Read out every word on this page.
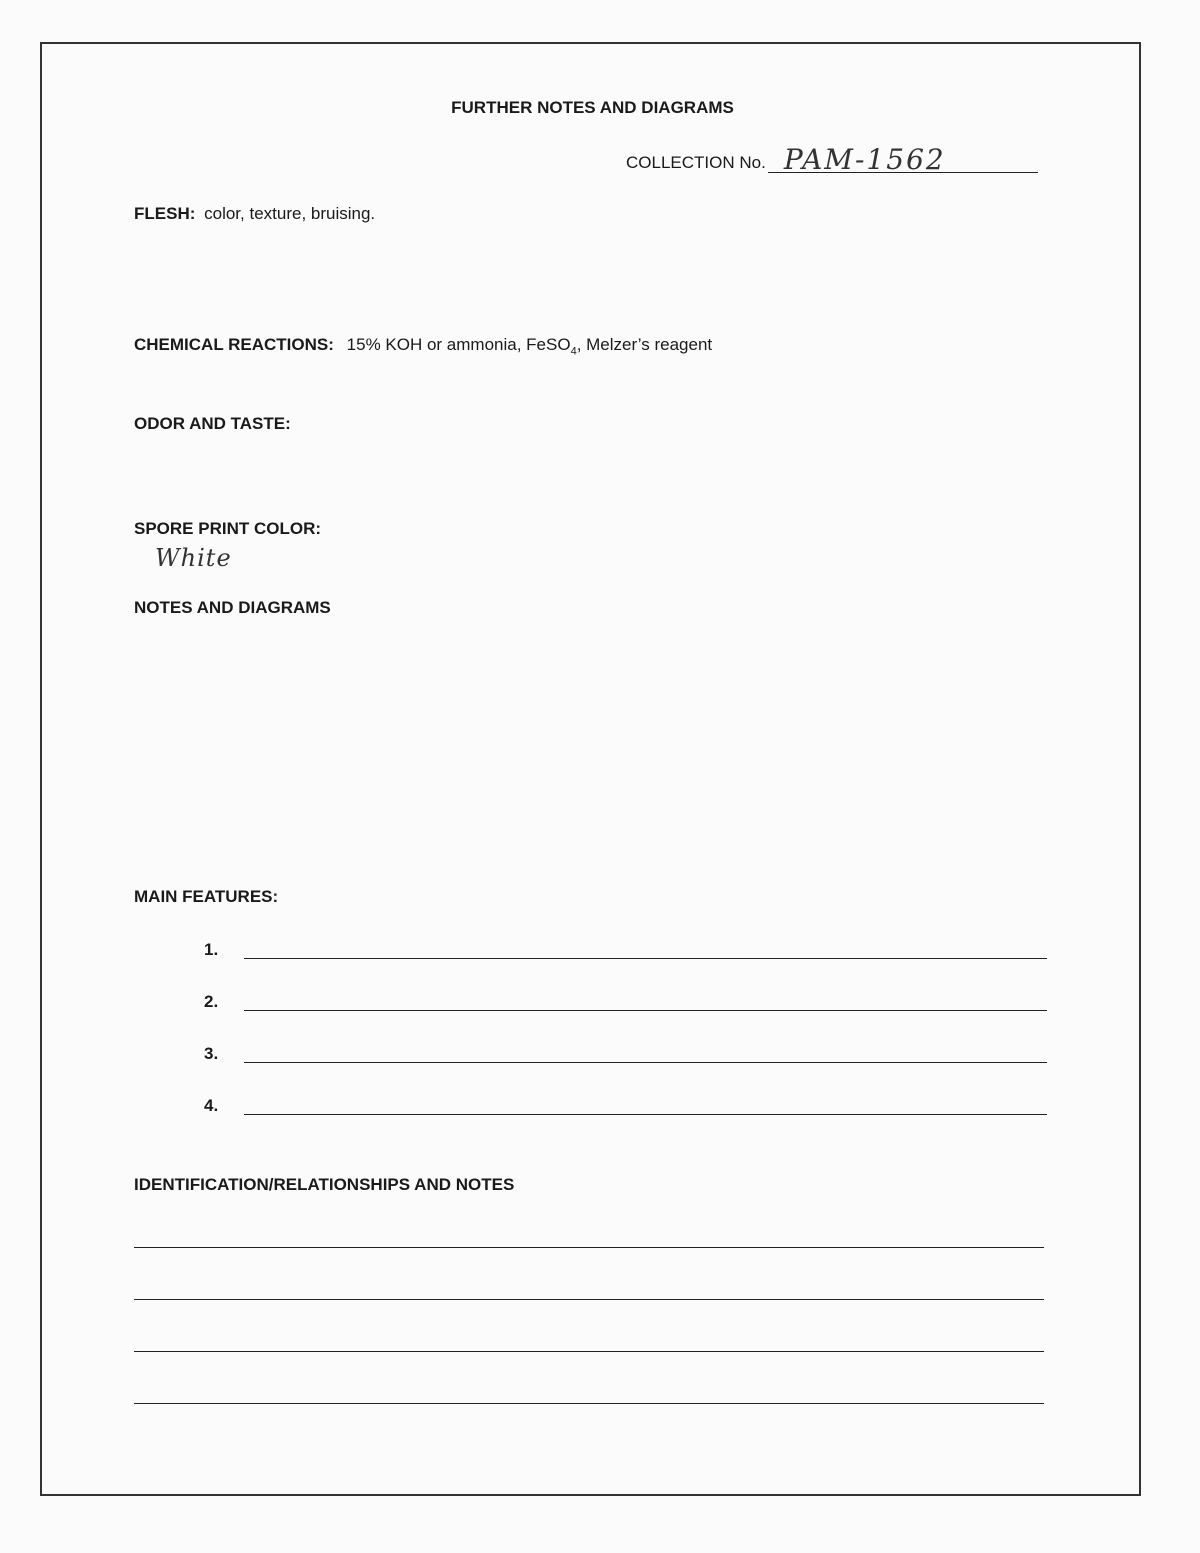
FURTHER NOTES AND DIAGRAMS
COLLECTION No. PAM-1562
FLESH: color, texture, bruising.
CHEMICAL REACTIONS: 15% KOH or ammonia, FeSO$_4$, Melzer’s reagent
ODOR AND TASTE:
SPORE PRINT COLOR:
White
NOTES AND DIAGRAMS
MAIN FEATURES:
1.
2.
3.
4.
IDENTIFICATION/RELATIONSHIPS AND NOTES
